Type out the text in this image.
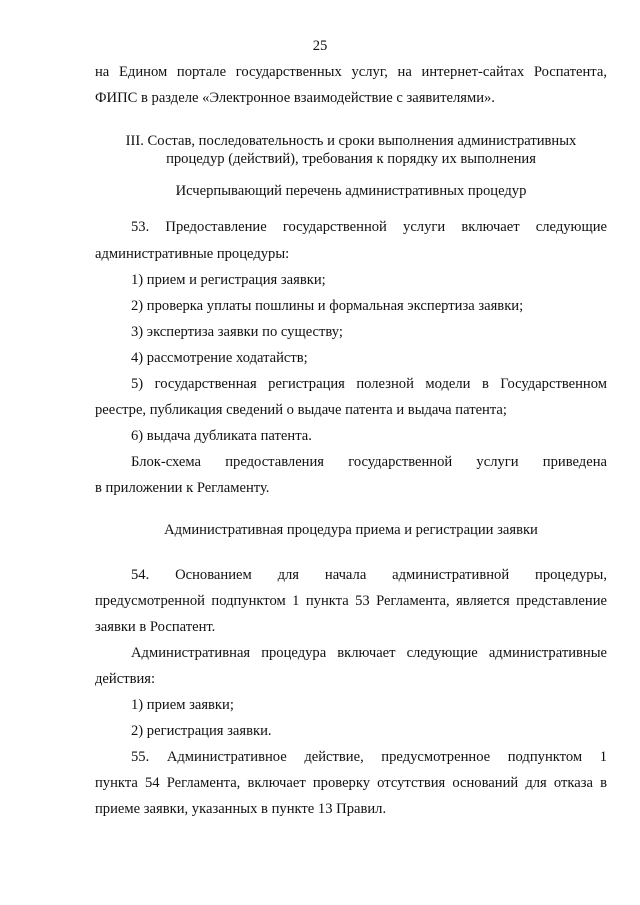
25
на Едином портале государственных услуг, на интернет-сайтах Роспатента,
ФИПС в разделе «Электронное взаимодействие с заявителями».
III. Состав, последовательность и сроки выполнения административных
процедур (действий), требования к порядку их выполнения
Исчерпывающий перечень административных процедур
53. Предоставление государственной услуги включает следующие
административные процедуры:
1) прием и регистрация заявки;
2) проверка уплаты пошлины и формальная экспертиза заявки;
3) экспертиза заявки по существу;
4) рассмотрение ходатайств;
5) государственная регистрация полезной модели в Государственном
реестре, публикация сведений о выдаче патента и выдача патента;
6) выдача дубликата патента.
Блок-схема предоставления государственной услуги приведена
в приложении к Регламенту.
Административная процедура приема и регистрации заявки
54. Основанием для начала административной процедуры,
предусмотренной подпунктом 1 пункта 53 Регламента, является представление
заявки в Роспатент.
Административная процедура включает следующие административные
действия:
1) прием заявки;
2) регистрация заявки.
55. Административное действие, предусмотренное подпунктом 1
пункта 54 Регламента, включает проверку отсутствия оснований для отказа в
приеме заявки, указанных в пункте 13 Правил.
